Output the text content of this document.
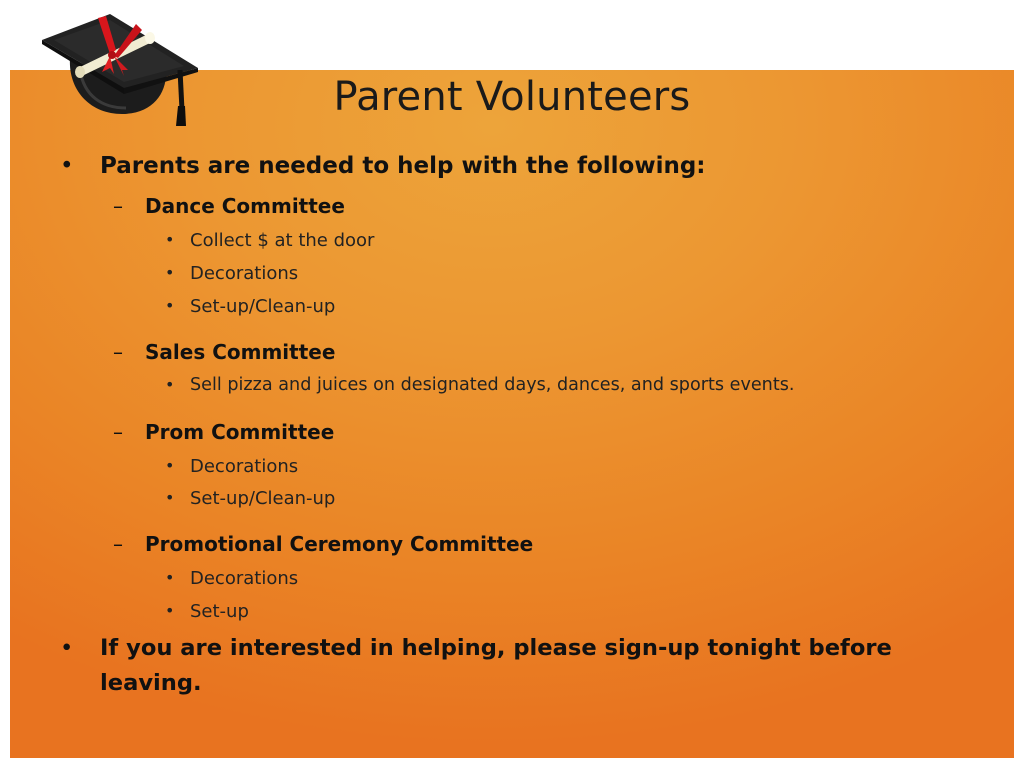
Parent Volunteers
• Parents are needed to help with the following:
– Dance Committee
• Collect $ at the door
• Decorations
• Set-up/Clean-up
– Sales Committee
• Sell pizza and juices on designated days, dances, and sports events.
– Prom Committee
• Decorations
• Set-up/Clean-up
– Promotional Ceremony Committee
• Decorations
• Set-up
• If you are interested in helping, please sign-up tonight before
leaving.
